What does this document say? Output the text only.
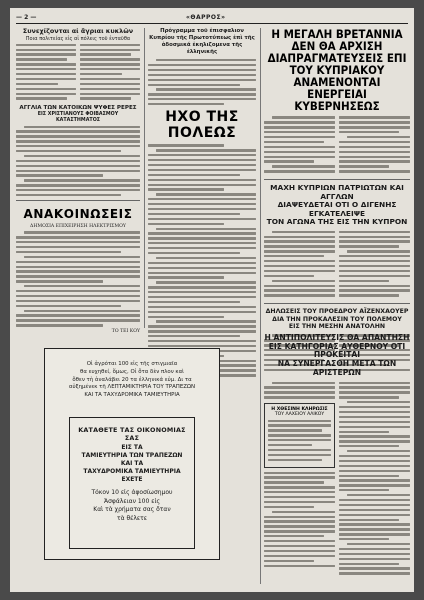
— 2 —	«ΘΑΡΡΟΣ»
Συνεχίζονται αἱ ἄγριαι κυκλῶν
Ποια πολιτείας εἰς αἱ πόλεις τοῦ ἐνταῦθα
ΑΓΓΛΙΑ ΤΩΝ ΚΑΤΟΙΚΩΝ ΨΥΦΕΣ ΡΕΡΕΣ
ΕΙΣ ΧΡΙΣΤΙΑΝΟΥΣ ΦΟΙΒΑΣΜΟΥ ΚΑΤΑΣΤΗΜΑΤΟΣ
ΑΝΑΚΟΙΝΩΣΕΙΣ
ΔΗΜΟΣΙΑ ΕΠΙΧΕΙΡΗΣΗ ΗΛΕΚΤΡΙΣΜΟΥ
ΤΟ ΤΕΙ ΚΟΥ
Πρόγραμμα τοῦ ἐπισφαλιον Κυπρίου τῆς Πρωτοτύπεως ἐπὶ τῆς ἀδοσμικά ἐκηλιζομενα τῆς ἐλληνικῆς
ΗΧΟ ΤΗΣ ΠΟΛΕΩΣ
Η ΜΕΓΑΛΗ ΒΡΕΤΑΝΝΙΑ ΔΕΝ ΘΑ ΑΡΧΙΣΗ
ΔΙΑΠΡΑΓΜΑΤΕΥΣΕΙΣ ΕΠΙ ΤΟΥ ΚΥΠΡΙΑΚΟΥ
ΑΝΑΜΕΝΟΝΤΑΙ ΕΝΕΡΓΕΙΑΙ ΚΥΒΕΡΝΗΣΕΩΣ
ΜΑΧΗ ΚΥΠΡΙΩΝ ΠΑΤΡΙΩΤΩΝ ΚΑΙ ΑΓΓΛΩΝ
ΔΙΑΨΕΥΔΕΤΑΙ ΟΤΙ Ο ΔΙΓΕΝΗΣ ΕΓΚΑΤΕΛΕΙΨΕ
ΤΟΝ ΑΓΩΝΑ ΤΗΣ ΕΙΣ ΤΗΝ ΚΥΠΡΟΝ
ΔΗΛΩΣΕΙΣ ΤΟΥ ΠΡΟΕΔΡΟΥ ΑΪΖΕΝΧΑΟΥΕΡ
ΔΙΑ ΤΗΝ ΠΡΟΚΑΛΕΣΙΝ ΤΟΥ ΠΟΛΕΜΟΥ
ΕΙΣ ΤΗΝ ΜΕΣΗΝ ΑΝΑΤΟΛΗΝ
Η ΑΝΤΙΠΟΛΙΤΕΥΣΙΣ ΘΑ ΑΠΑΝΤΗΣΗ
ΕΙΣ ΚΑΤΗΓΟΡΙΑΣ ΑΥΘΕΡΝΟΥ ΟΤΙ ΠΡΟΚΕΙΤΑΙ
ΝΑ ΣΥΝΕΡΓΑΣΘΗ ΜΕΤΑ ΤΩΝ ΑΡΙΣΤΕΡΩΝ
Η ΧΘΕΣΙΝΗ ΚΛΗΡΩΣΙΣ
ΤΟΥ ΛΑΧΕΙΟΥ ΑΛΙΚΟΥ
Οἱ ἀγρόται 100 εἰς τῆς στιγμιαῖα
θα ευχηθεί, ὅμως, Οἱ ὅτα δὲν πλον καὶ
ὅθεν τὴ ἀναλάβει 20 τα ἑλληνικά εὐμ. Δι τα
αὐξημένεκ τῆ ΛΕΠΤΑΜΙΚΤΗΡΙΑ ΤΟΥ ΤΡΑΠΕΖΩΝ
ΚΑΙ ΤΑ ΤΑΧΥΔΡΟΜΙΚΑ ΤΑΜΙΕΥΤΗΡΙΑ
ΚΑΤΑΘΕΤΕ ΤΑΣ ΟΙΚΟΝΟΜΙΑΣ ΣΑΣ
ΕΙΣ ΤΑ
ΤΑΜΙΕΥΤΗΡΙΑ ΤΩΝ ΤΡΑΠΕΖΩΝ
ΚΑΙ ΤΑ
ΤΑΧΥΔΡΟΜΙΚΑ ΤΑΜΙΕΥΤΗΡΙΑ
ΕΧΕΤΕ
Τόκον 10 εἰς ἀφοσίωσημου
Ἀσφάλειαν 100 εἰς
Καὶ τὰ χρήματα σας ὅταν
τὰ θέλετε
